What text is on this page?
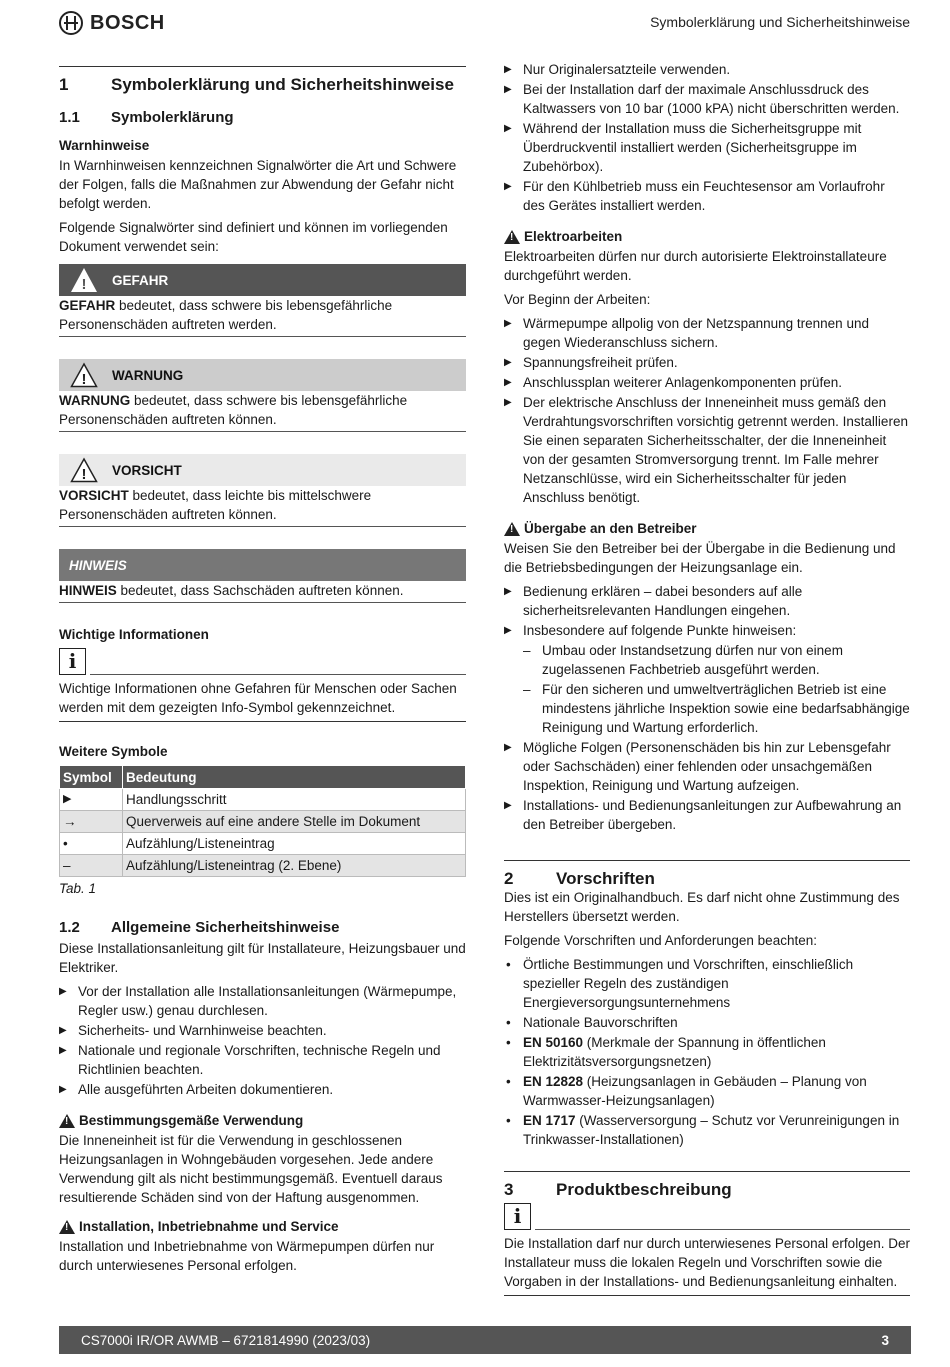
BOSCH	Symbolerklärung und Sicherheitshinweise
1	Symbolerklärung und Sicherheitshinweise
1.1	Symbolerklärung
Warnhinweise

In Warnhinweisen kennzeichnen Signalwörter die Art und Schwere der Folgen, falls die Maßnahmen zur Abwendung der Gefahr nicht befolgt werden.

Folgende Signalwörter sind definiert und können im vorliegenden Dokument verwendet sein:

! GEFAHR
GEFAHR bedeutet, dass schwere bis lebensgefährliche Personenschäden auftreten werden.
! WARNUNG
WARNUNG bedeutet, dass schwere bis lebensgefährliche Personenschäden auftreten können.
! VORSICHT
VORSICHT bedeutet, dass leichte bis mittelschwere Personenschäden auftreten können.
HINWEIS
HINWEIS bedeutet, dass Sachschäden auftreten können.
Wichtige Informationen
i

Wichtige Informationen ohne Gefahren für Menschen oder Sachen werden mit dem gezeigten Info-Symbol gekennzeichnet.

Weitere Symbole
Symbol	Bedeutung
▶	Handlungsschritt
→	Querverweis auf eine andere Stelle im Dokument
•	Aufzählung/Listeneintrag
–	Aufzählung/Listeneintrag (2. Ebene)
Tab. 1
1.2	Allgemeine Sicherheitshinweise

Diese Installationsanleitung gilt für Installateure, Heizungsbauer und Elektriker.

▶ Vor der Installation alle Installationsanleitungen (Wärmepumpe, Regler usw.) genau durchlesen.
▶ Sicherheits- und Warnhinweise beachten.
▶ Nationale und regionale Vorschriften, technische Regeln und Richtlinien beachten.
▶ Alle ausgeführten Arbeiten dokumentieren.
!
Bestimmungsgemäße Verwendung

Die Inneneinheit ist für die Verwendung in geschlossenen Heizungsanlagen in Wohngebäuden vorgesehen. Jede andere Verwendung gilt als nicht bestimmungsgemäß. Eventuell daraus resultierende Schäden sind von der Haftung ausgenommen.

!
Installation, Inbetriebnahme und Service

Installation und Inbetriebnahme von Wärmepumpen dürfen nur durch unterwiesenes Personal erfolgen.

▶ Nur Originalersatzteile verwenden.
▶ Bei der Installation darf der maximale Anschlussdruck des Kaltwassers von 10 bar (1000 kPA) nicht überschritten werden.
▶ Während der Installation muss die Sicherheitsgruppe mit Überdruckventil installiert werden (Sicherheitsgruppe im Zubehörbox).
▶ Für den Kühlbetrieb muss ein Feuchtesensor am Vorlaufrohr des Gerätes installiert werden.
!
Elektroarbeiten

Elektroarbeiten dürfen nur durch autorisierte Elektroinstallateure durchgeführt werden.

Vor Beginn der Arbeiten:

▶ Wärmepumpe allpolig von der Netzspannung trennen und gegen Wiederanschluss sichern.
▶ Spannungsfreiheit prüfen.
▶ Anschlussplan weiterer Anlagenkomponenten prüfen.
▶ Der elektrische Anschluss der Inneneinheit muss gemäß den Verdrahtungsvorschriften vorsichtig getrennt werden. Installieren Sie einen separaten Sicherheitsschalter, der die Inneneinheit von der gesamten Stromversorgung trennt. Im Falle mehrer Netzanschlüsse, wird ein Sicherheitsschalter für jeden Anschluss benötigt.
!
Übergabe an den Betreiber

Weisen Sie den Betreiber bei der Übergabe in die Bedienung und die Betriebsbedingungen der Heizungsanlage ein.

▶ Bedienung erklären – dabei besonders auf alle sicherheitsrelevanten Handlungen eingehen.
▶ Insbesondere auf folgende Punkte hinweisen:
– Umbau oder Instandsetzung dürfen nur von einem zugelassenen Fachbetrieb ausgeführt werden.
– Für den sicheren und umweltverträglichen Betrieb ist eine mindestens jährliche Inspektion sowie eine bedarfsabhängige Reinigung und Wartung erforderlich.
▶ Mögliche Folgen (Personenschäden bis hin zur Lebensgefahr oder Sachschäden) einer fehlenden oder unsachgemäßen Inspektion, Reinigung und Wartung aufzeigen.
▶ Installations- und Bedienungsanleitungen zur Aufbewahrung an den Betreiber übergeben.
2	Vorschriften

Dies ist ein Originalhandbuch. Es darf nicht ohne Zustimmung des Herstellers übersetzt werden.

Folgende Vorschriften und Anforderungen beachten:

• Örtliche Bestimmungen und Vorschriften, einschließlich spezieller Regeln des zuständigen Energieversorgungsunternehmens
• Nationale Bauvorschriften
• EN 50160 (Merkmale der Spannung in öffentlichen Elektrizitätsversorgungsnetzen)
• EN 12828 (Heizungsanlagen in Gebäuden – Planung von Warmwasser-Heizungsanlagen)
• EN 1717 (Wasserversorgung – Schutz vor Verunreinigungen in Trinkwasser-Installationen)
3	Produktbeschreibung
i

Die Installation darf nur durch unterwiesenes Personal erfolgen. Der Installateur muss die lokalen Regeln und Vorschriften sowie die Vorgaben in der Installations- und Bedienungsanleitung einhalten.

CS7000i IR/OR AWMB – 6721814990 (2023/03)	3
